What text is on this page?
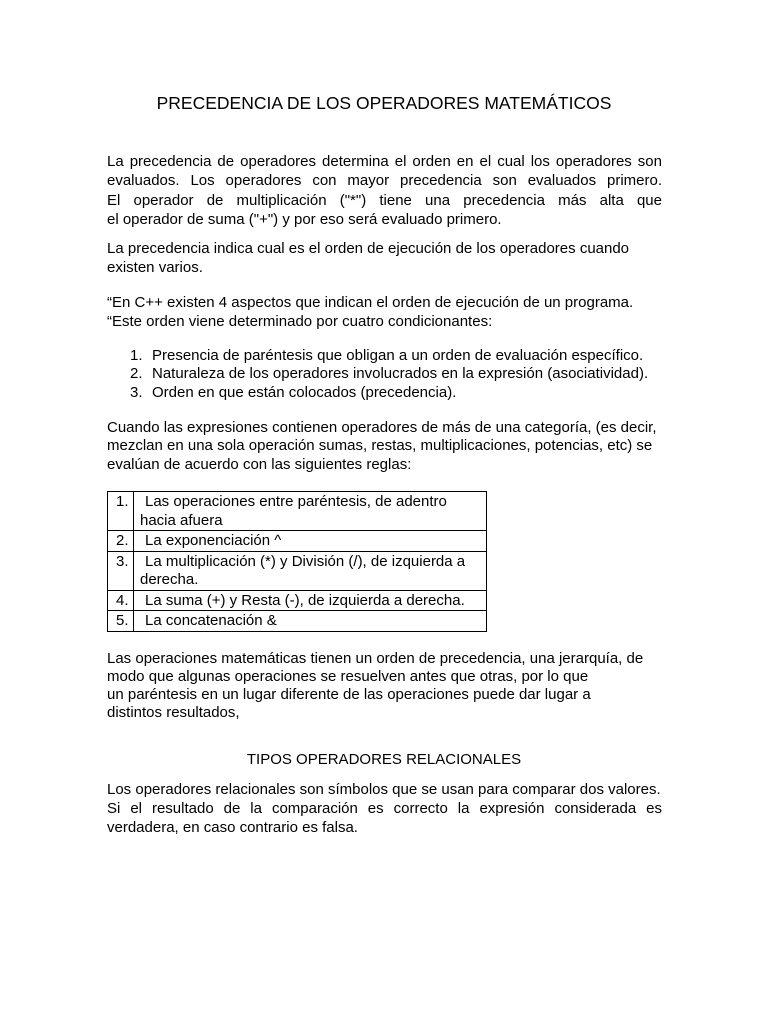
PRECEDENCIA DE LOS OPERADORES MATEMÁTICOS
La precedencia de operadores determina el orden en el cual los operadores son
evaluados. Los operadores con mayor precedencia son evaluados primero.
El operador de multiplicación ("*") tiene una precedencia más alta que
el operador de suma ("+") y por eso será evaluado primero.
La precedencia indica cual es el orden de ejecución de los operadores cuando
existen varios.
“En C++ existen 4 aspectos que indican el orden de ejecución de un programa.
“Este orden viene determinado por cuatro condicionantes:
1. Presencia de paréntesis que obligan a un orden de evaluación específico.
2. Naturaleza de los operadores involucrados en la expresión (asociatividad).
3. Orden en que están colocados (precedencia).
Cuando las expresiones contienen operadores de más de una categoría, (es decir,
mezclan en una sola operación sumas, restas, multiplicaciones, potencias, etc) se
evalúan de acuerdo con las siguientes reglas:
1.	Las operaciones entre paréntesis, de adentro
hacia afuera
2.	La exponenciación ^
3.	La multiplicación (*) y División (/), de izquierda a
derecha.
4.	La suma (+) y Resta (-), de izquierda a derecha.
5.	La concatenación &
Las operaciones matemáticas tienen un orden de precedencia, una jerarquía, de
modo que algunas operaciones se resuelven antes que otras, por lo que
un paréntesis en un lugar diferente de las operaciones puede dar lugar a
distintos resultados,
TIPOS OPERADORES RELACIONALES
Los operadores relacionales son símbolos que se usan para comparar dos valores.
Si el resultado de la comparación es correcto la expresión considerada es
verdadera, en caso contrario es falsa.
